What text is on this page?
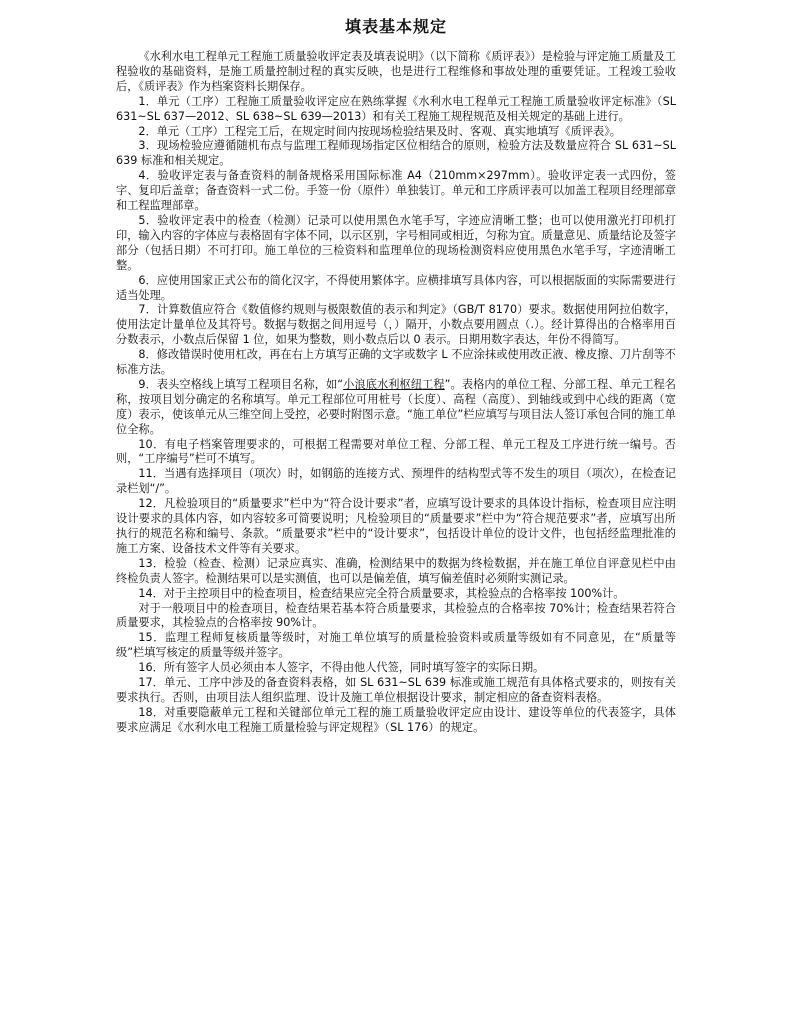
填表基本规定

《水利水电工程单元工程施工质量验收评定表及填表说明》（以下简称《质评表》）是检验与评定施工质量及工程验收的基础资料，是施工质量控制过程的真实反映，也是进行工程维修和事故处理的重要凭证。工程竣工验收后，《质评表》作为档案资料长期保存。

1．单元（工序）工程施工质量验收评定应在熟练掌握《水利水电工程单元工程施工质量验收评定标准》（SL 631~SL 637—2012、SL 638~SL 639—2013）和有关工程施工规程规范及相关规定的基础上进行。

2．单元（工序）工程完工后，在规定时间内按现场检验结果及时、客观、真实地填写《质评表》。

3．现场检验应遵循随机布点与监理工程师现场指定区位相结合的原则，检验方法及数量应符合 SL 631~SL 639 标准和相关规定。

4．验收评定表与备查资料的制备规格采用国际标准 A4（210mm×297mm）。验收评定表一式四份，签字、复印后盖章；备查资料一式二份。手签一份（原件）单独装订。单元和工序质评表可以加盖工程项目经理部章和工程监理部章。

5．验收评定表中的检查（检测）记录可以使用黑色水笔手写，字迹应清晰工整；也可以使用激光打印机打印，输入内容的字体应与表格固有字体不同，以示区别，字号相同或相近，匀称为宜。质量意见、质量结论及签字部分（包括日期）不可打印。施工单位的三检资料和监理单位的现场检测资料应使用黑色水笔手写，字迹清晰工整。

6．应使用国家正式公布的简化汉字，不得使用繁体字。应横排填写具体内容，可以根据版面的实际需要进行适当处理。

7．计算数值应符合《数值修约规则与极限数值的表示和判定》（GB/T 8170）要求。数据使用阿拉伯数字，使用法定计量单位及其符号。数据与数据之间用逗号（，）隔开，小数点要用圆点（.）。经计算得出的合格率用百分数表示，小数点后保留 1 位，如果为整数，则小数点后以 0 表示。日期用数字表达，年份不得简写。

8．修改错误时使用杠改，再在右上方填写正确的文字或数字 L 不应涂抹或使用改正液、橡皮擦、刀片刮等不标准方法。

9．表头空格线上填写工程项目名称，如“小浪底水利枢纽工程”。表格内的单位工程、分部工程、单元工程名称，按项目划分确定的名称填写。单元工程部位可用桩号（长度）、高程（高度）、到轴线或到中心线的距离（宽度）表示，使该单元从三维空间上受控，必要时附图示意。“施工单位”栏应填写与项目法人签订承包合同的施工单位全称。

10．有电子档案管理要求的，可根据工程需要对单位工程、分部工程、单元工程及工序进行统一编号。否则，“工序编号”栏可不填写。

11．当遇有选择项目（项次）时，如钢筋的连接方式、预埋件的结构型式等不发生的项目（项次），在检查记录栏划“/”。

12．凡检验项目的“质量要求”栏中为“符合设计要求”者，应填写设计要求的具体设计指标，检查项目应注明设计要求的具体内容，如内容较多可简要说明；凡检验项目的“质量要求”栏中为“符合规范要求”者，应填写出所执行的规范名称和编号、条款。“质量要求”栏中的“设计要求”，包括设计单位的设计文件，也包括经监理批准的施工方案、设备技术文件等有关要求。

13．检验（检查、检测）记录应真实、准确，检测结果中的数据为终检数据，并在施工单位自评意见栏中由终检负责人签字。检测结果可以是实测值，也可以是偏差值，填写偏差值时必须附实测记录。

14．对于主控项目中的检查项目，检查结果应完全符合质量要求，其检验点的合格率按 100%计。

对于一般项目中的检查项目，检查结果若基本符合质量要求，其检验点的合格率按 70%计；检查结果若符合质量要求，其检验点的合格率按 90%计。

15．监理工程师复核质量等级时，对施工单位填写的质量检验资料或质量等级如有不同意见，在“质量等级”栏填写核定的质量等级并签字。

16．所有签字人员必须由本人签字，不得由他人代签，同时填写签字的实际日期。

17．单元、工序中涉及的备查资料表格，如 SL 631~SL 639 标准或施工规范有具体格式要求的，则按有关要求执行。否则，由项目法人组织监理、设计及施工单位根据设计要求，制定相应的备查资料表格。

18．对重要隐蔽单元工程和关键部位单元工程的施工质量验收评定应由设计、建设等单位的代表签字，具体要求应满足《水利水电工程施工质量检验与评定规程》（SL 176）的规定。
